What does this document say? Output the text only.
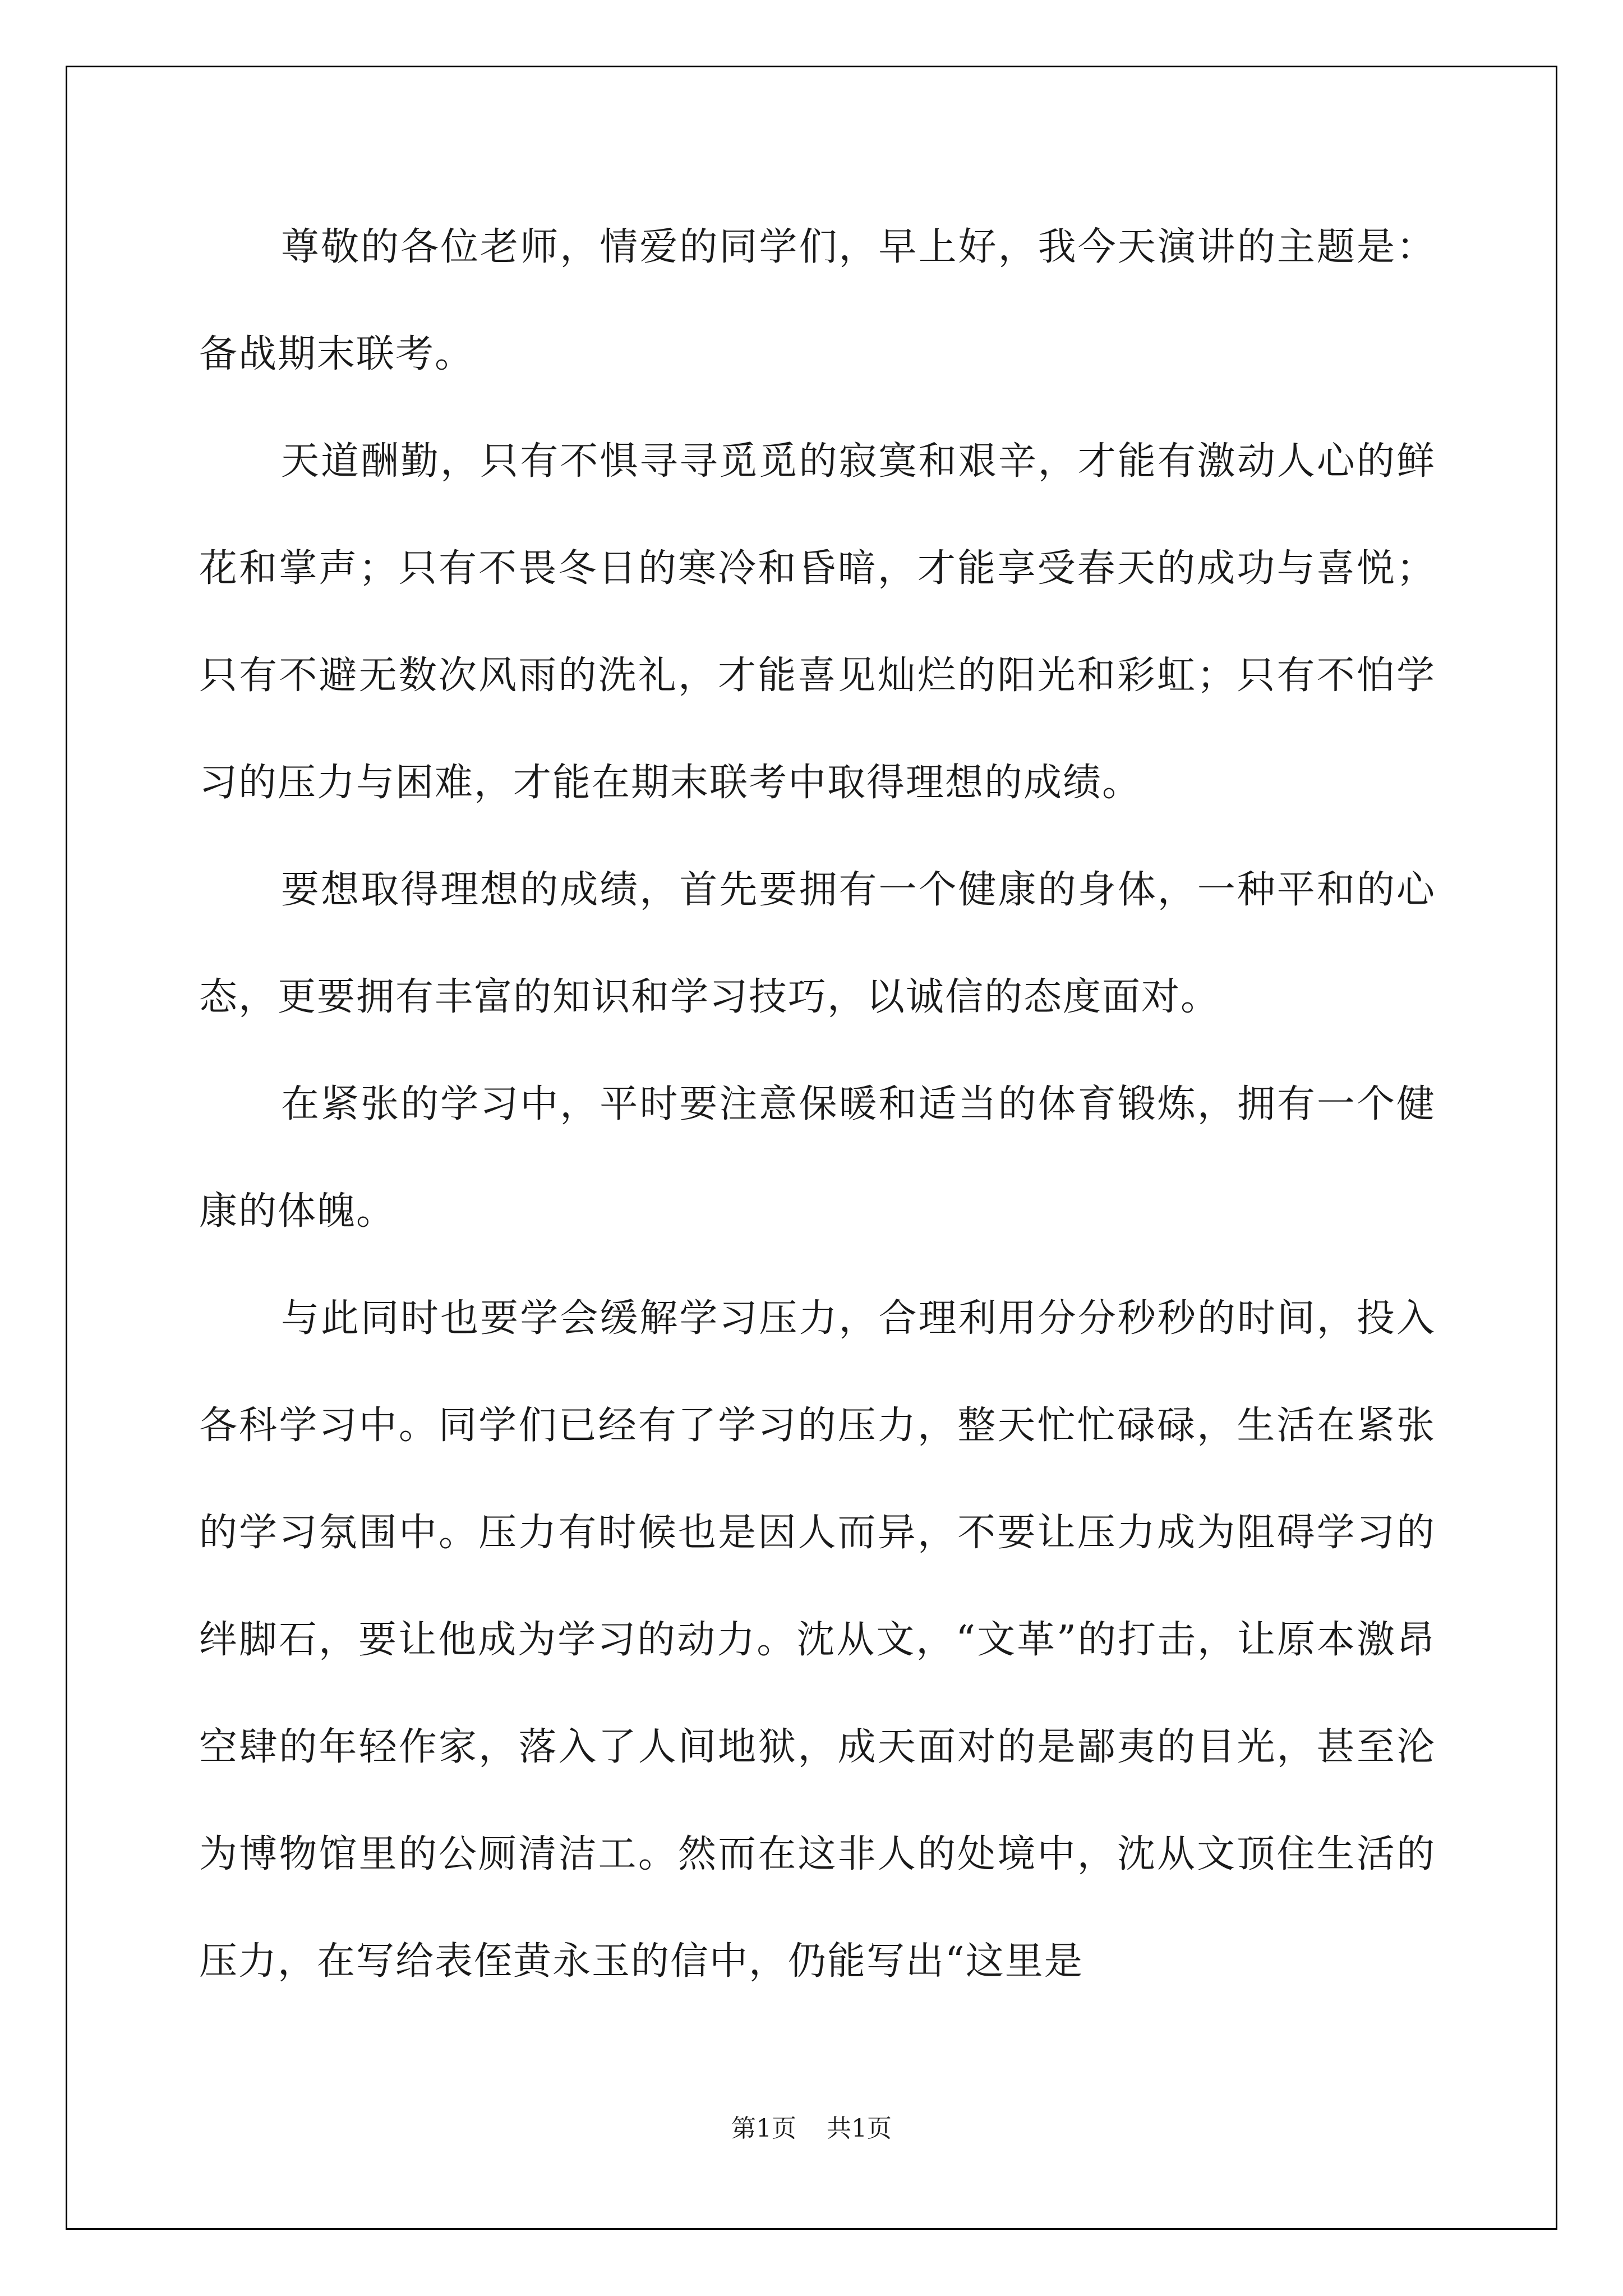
尊敬的各位老师，情爱的同学们，早上好，我今天演讲的主题是：备战期末联考。

天道酬勤，只有不惧寻寻觅觅的寂寞和艰辛，才能有激动人心的鲜花和掌声；只有不畏冬日的寒冷和昏暗，才能享受春天的成功与喜悦；只有不避无数次风雨的洗礼，才能喜见灿烂的阳光和彩虹；只有不怕学习的压力与困难，才能在期末联考中取得理想的成绩。

要想取得理想的成绩，首先要拥有一个健康的身体，一种平和的心态，更要拥有丰富的知识和学习技巧，以诚信的态度面对。

在紧张的学习中，平时要注意保暖和适当的体育锻炼，拥有一个健康的体魄。

与此同时也要学会缓解学习压力，合理利用分分秒秒的时间，投入各科学习中。同学们已经有了学习的压力，整天忙忙碌碌，生活在紧张的学习氛围中。压力有时候也是因人而异，不要让压力成为阻碍学习的绊脚石，要让他成为学习的动力。沈从文，“文革”的打击，让原本激昂空肆的年轻作家，落入了人间地狱，成天面对的是鄙夷的目光，甚至沦为博物馆里的公厕清洁工。然而在这非人的处境中，沈从文顶住生活的压力，在写给表侄黄永玉的信中，仍能写出“这里是

第1页 共1页
